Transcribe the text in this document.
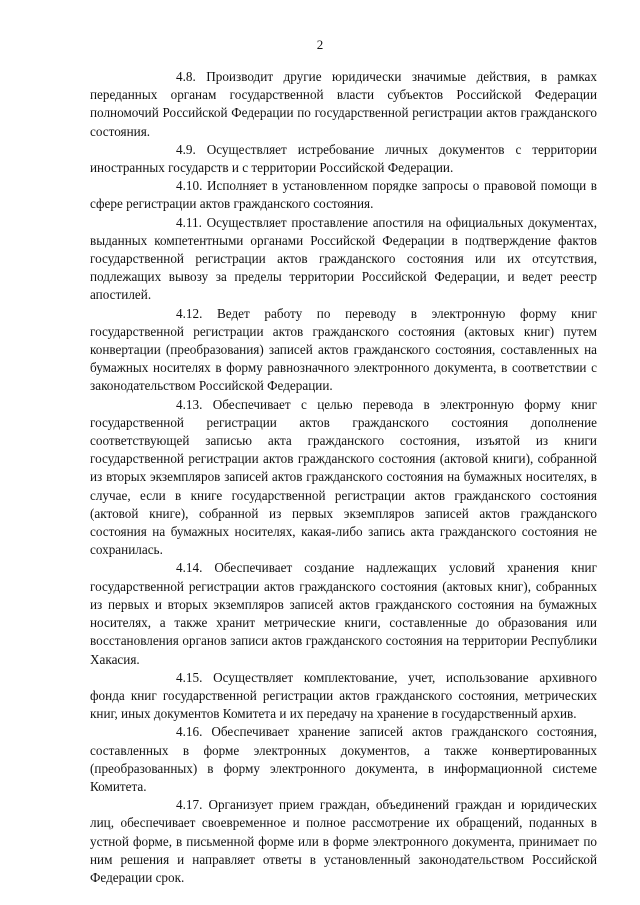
2

4.8. Производит другие юридически значимые действия, в рамках переданных органам государственной власти субъектов Российской Федерации полномочий Российской Федерации по государственной регистрации актов гражданского состояния.

4.9. Осуществляет истребование личных документов с территории иностранных государств и с территории Российской Федерации.

4.10. Исполняет в установленном порядке запросы о правовой помощи в сфере регистрации актов гражданского состояния.

4.11. Осуществляет проставление апостиля на официальных документах, выданных компетентными органами Российской Федерации в подтверждение фактов государственной регистрации актов гражданского состояния или их отсутствия, подлежащих вывозу за пределы территории Российской Федерации, и ведет реестр апостилей.

4.12. Ведет работу по переводу в электронную форму книг государственной регистрации актов гражданского состояния (актовых книг) путем конвертации (преобразования) записей актов гражданского состояния, составленных на бумажных носителях в форму равнозначного электронного документа, в соответствии с законодательством Российской Федерации.

4.13. Обеспечивает с целью перевода в электронную форму книг государственной регистрации актов гражданского состояния дополнение соответствующей записью акта гражданского состояния, изъятой из книги государственной регистрации актов гражданского состояния (актовой книги), собранной из вторых экземпляров записей актов гражданского состояния на бумажных носителях, в случае, если в книге государственной регистрации актов гражданского состояния (актовой книге), собранной из первых экземпляров записей актов гражданского состояния на бумажных носителях, какая-либо запись акта гражданского состояния не сохранилась.

4.14. Обеспечивает создание надлежащих условий хранения книг государственной регистрации актов гражданского состояния (актовых книг), собранных из первых и вторых экземпляров записей актов гражданского состояния на бумажных носителях, а также хранит метрические книги, составленные до образования или восстановления органов записи актов гражданского состояния на территории Республики Хакасия.

4.15. Осуществляет комплектование, учет, использование архивного фонда книг государственной регистрации актов гражданского состояния, метрических книг, иных документов Комитета и их передачу на хранение в государственный архив.

4.16. Обеспечивает хранение записей актов гражданского состояния, составленных в форме электронных документов, а также конвертированных (преобразованных) в форму электронного документа, в информационной системе Комитета.

4.17. Организует прием граждан, объединений граждан и юридических лиц, обеспечивает своевременное и полное рассмотрение их обращений, поданных в устной форме, в письменной форме или в форме электронного документа, принимает по ним решения и направляет ответы в установленный законодательством Российской Федерации срок.
